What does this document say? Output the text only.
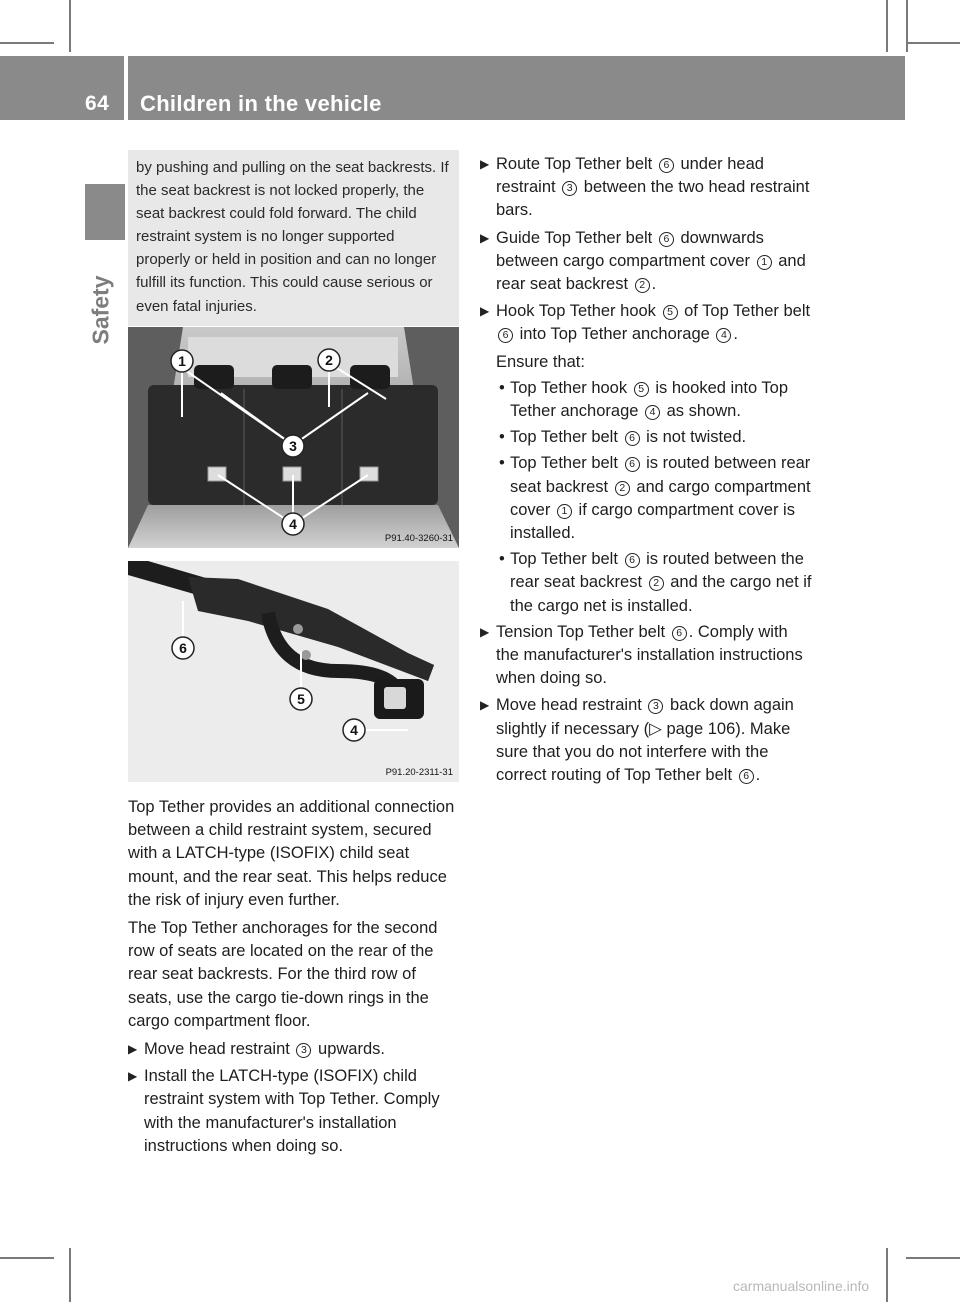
64 Children in the vehicle
Safety
by pushing and pulling on the seat backrests. If the seat backrest is not locked properly, the seat backrest could fold forward. The child restraint system is no longer supported properly or held in position and can no longer fulfill its function. This could cause serious or even fatal injuries.
1	2
3
4
P91.40-3260-31
6
5
4
P91.20-2311-31
Top Tether provides an additional connection between a child restraint system, secured with a LATCH-type (ISOFIX) child seat mount, and the rear seat. This helps reduce the risk of injury even further.
The Top Tether anchorages for the second row of seats are located on the rear of the rear seat backrests. For the third row of seats, use the cargo tie-down rings in the cargo compartment floor.
▶ Move head restraint 3 upwards.
▶ Install the LATCH-type (ISOFIX) child restraint system with Top Tether. Comply with the manufacturer's installation instructions when doing so.
▶ Route Top Tether belt 6 under head restraint 3 between the two head restraint bars.
▶ Guide Top Tether belt 6 downwards between cargo compartment cover 1 and rear seat backrest 2 .
▶ Hook Top Tether hook 5 of Top Tether belt 6 into Top Tether anchorage 4 .
Ensure that:
• Top Tether hook 5 is hooked into Top Tether anchorage 4 as shown.
• Top Tether belt 6 is not twisted.
• Top Tether belt 6 is routed between rear seat backrest 2 and cargo compartment cover 1 if cargo compartment cover is installed.
• Top Tether belt 6 is routed between the rear seat backrest 2 and the cargo net if the cargo net is installed.
▶ Tension Top Tether belt 6 . Comply with the manufacturer's installation instructions when doing so.
▶ Move head restraint 3 back down again slightly if necessary (▷ page 106). Make sure that you do not interfere with the correct routing of Top Tether belt 6 .
carmanualsonline.info
